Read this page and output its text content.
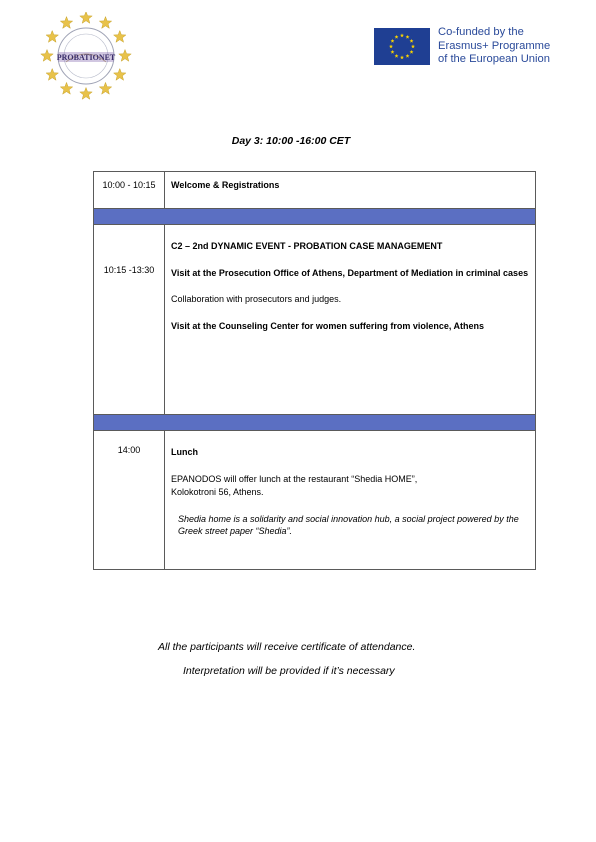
PROBATIONET
Co-funded by the
Erasmus+ Programme
of the European Union
Day 3: 10:00 -16:00 CET
10:00 - 10:15	Welcome & Registrations
10:15 -13:30
C2 – 2nd DYNAMIC EVENT - PROBATION CASE MANAGEMENT
Visit at the Prosecution Office of Athens, Department of Mediation in criminal cases
Collaboration with prosecutors and judges.
Visit at the Counseling Center for women suffering from violence, Athens
14:00	Lunch
EPANODOS will offer lunch at the restaurant “Shedia HOME”,
Kolokotroni 56, Athens.
Shedia home is a solidarity and social innovation hub, a social project powered by the Greek street paper “Shedia”.
All the participants will receive certificate of attendance.
Interpretation will be provided if it’s necessary
